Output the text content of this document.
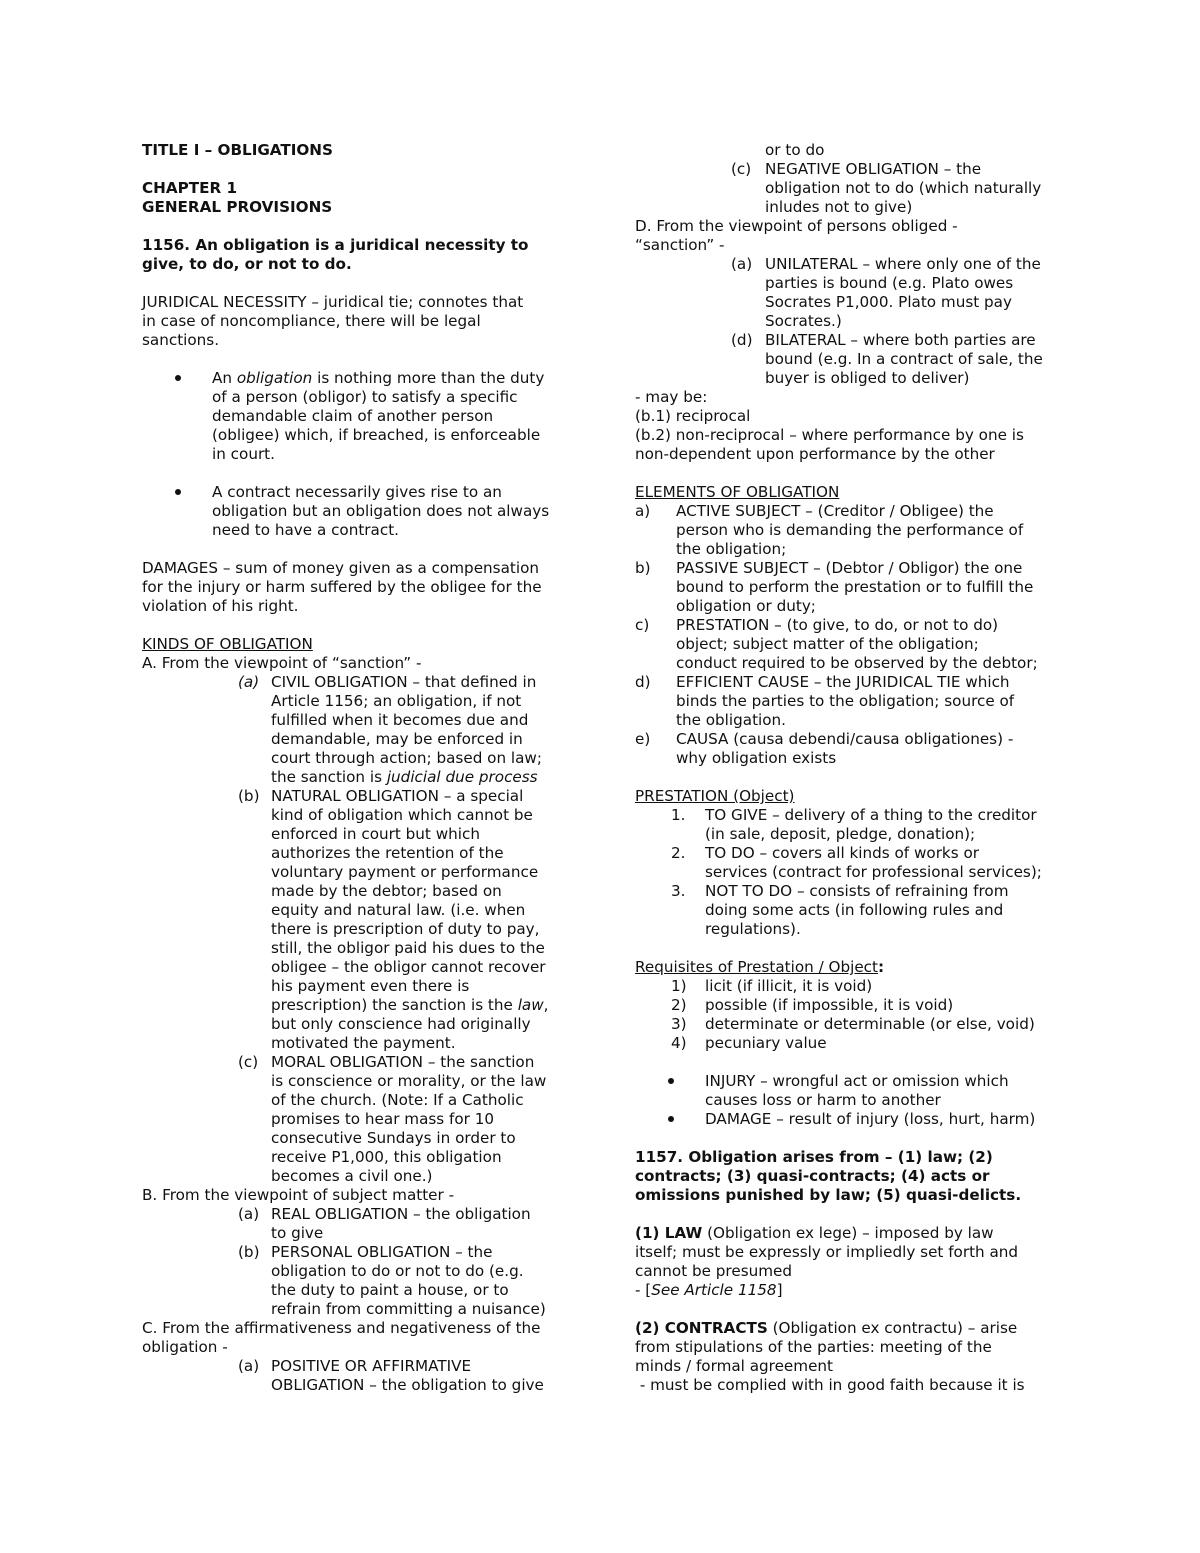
TITLE I – OBLIGATIONS
CHAPTER 1
GENERAL PROVISIONS
1156. An obligation is a juridical necessity to
give, to do, or not to do.
JURIDICAL NECESSITY – juridical tie; connotes that
in case of noncompliance, there will be legal
sanctions.
An obligation is nothing more than the duty
of a person (obligor) to satisfy a specific
demandable claim of another person
(obligee) which, if breached, is enforceable
in court.
A contract necessarily gives rise to an
obligation but an obligation does not always
need to have a contract.
DAMAGES – sum of money given as a compensation
for the injury or harm suffered by the obligee for the
violation of his right.
KINDS OF OBLIGATION
A. From the viewpoint of “sanction” -
(a) CIVIL OBLIGATION – that defined in
Article 1156; an obligation, if not
fulfilled when it becomes due and
demandable, may be enforced in
court through action; based on law;
the sanction is judicial due process
(b) NATURAL OBLIGATION – a special
kind of obligation which cannot be
enforced in court but which
authorizes the retention of the
voluntary payment or performance
made by the debtor; based on
equity and natural law. (i.e. when
there is prescription of duty to pay,
still, the obligor paid his dues to the
obligee – the obligor cannot recover
his payment even there is
prescription) the sanction is the law,
but only conscience had originally
motivated the payment.
(c) MORAL OBLIGATION – the sanction
is conscience or morality, or the law
of the church. (Note: If a Catholic
promises to hear mass for 10
consecutive Sundays in order to
receive P1,000, this obligation
becomes a civil one.)
B. From the viewpoint of subject matter -
(a) REAL OBLIGATION – the obligation
to give
(b) PERSONAL OBLIGATION – the
obligation to do or not to do (e.g.
the duty to paint a house, or to
refrain from committing a nuisance)
C. From the affirmativeness and negativeness of the
obligation -
(a) POSITIVE OR AFFIRMATIVE
OBLIGATION – the obligation to give
or to do
(c) NEGATIVE OBLIGATION – the
obligation not to do (which naturally
inludes not to give)
D. From the viewpoint of persons obliged -
“sanction” -
(a) UNILATERAL – where only one of the
parties is bound (e.g. Plato owes
Socrates P1,000. Plato must pay
Socrates.)
(d) BILATERAL – where both parties are
bound (e.g. In a contract of sale, the
buyer is obliged to deliver)
- may be:
(b.1) reciprocal
(b.2) non-reciprocal – where performance by one is
non-dependent upon performance by the other
ELEMENTS OF OBLIGATION
a) ACTIVE SUBJECT – (Creditor / Obligee) the
person who is demanding the performance of
the obligation;
b) PASSIVE SUBJECT – (Debtor / Obligor) the one
bound to perform the prestation or to fulfill the
obligation or duty;
c) PRESTATION – (to give, to do, or not to do)
object; subject matter of the obligation;
conduct required to be observed by the debtor;
d) EFFICIENT CAUSE – the JURIDICAL TIE which
binds the parties to the obligation; source of
the obligation.
e) CAUSA (causa debendi/causa obligationes) -
why obligation exists
PRESTATION (Object)
1. TO GIVE – delivery of a thing to the creditor
(in sale, deposit, pledge, donation);
2. TO DO – covers all kinds of works or
services (contract for professional services);
3. NOT TO DO – consists of refraining from
doing some acts (in following rules and
regulations).
Requisites of Prestation / Object:
1) licit (if illicit, it is void)
2) possible (if impossible, it is void)
3) determinate or determinable (or else, void)
4) pecuniary value
INJURY – wrongful act or omission which
causes loss or harm to another
DAMAGE – result of injury (loss, hurt, harm)
1157. Obligation arises from – (1) law; (2)
contracts; (3) quasi-contracts; (4) acts or
omissions punished by law; (5) quasi-delicts.
(1) LAW (Obligation ex lege) – imposed by law
itself; must be expressly or impliedly set forth and
cannot be presumed
- [See Article 1158]
(2) CONTRACTS (Obligation ex contractu) – arise
from stipulations of the parties: meeting of the
minds / formal agreement
- must be complied with in good faith because it is
